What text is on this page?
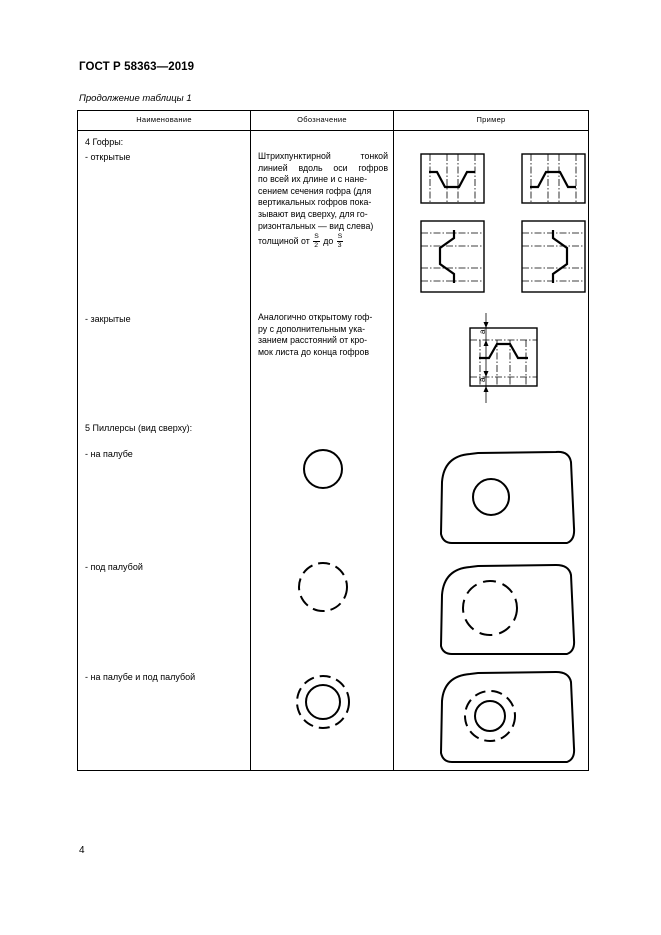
ГОСТ Р 58363—2019
Продолжение таблицы 1
Наименование	Обозначение	Пример
4 Гофры:
- открытые
- закрытые
5 Пиллерсы (вид сверху):
- на палубе
- под палубой
- на палубе и под палубой
Штрихпунктирной тонкой
линией вдоль оси гофров
по всей их длине и с нане-
сением сечения гофра (для
вертикальных гофров пока-
зывают вид сверху, для го-
ризонтальных — вид слева)
толщиной от $\frac{S}{2}$ до $\frac{S}{3}$
Аналогично открытому гоф-
ру с дополнительным ука-
занием расстояний от кро-
мок листа до конца гофров
a
a
4
